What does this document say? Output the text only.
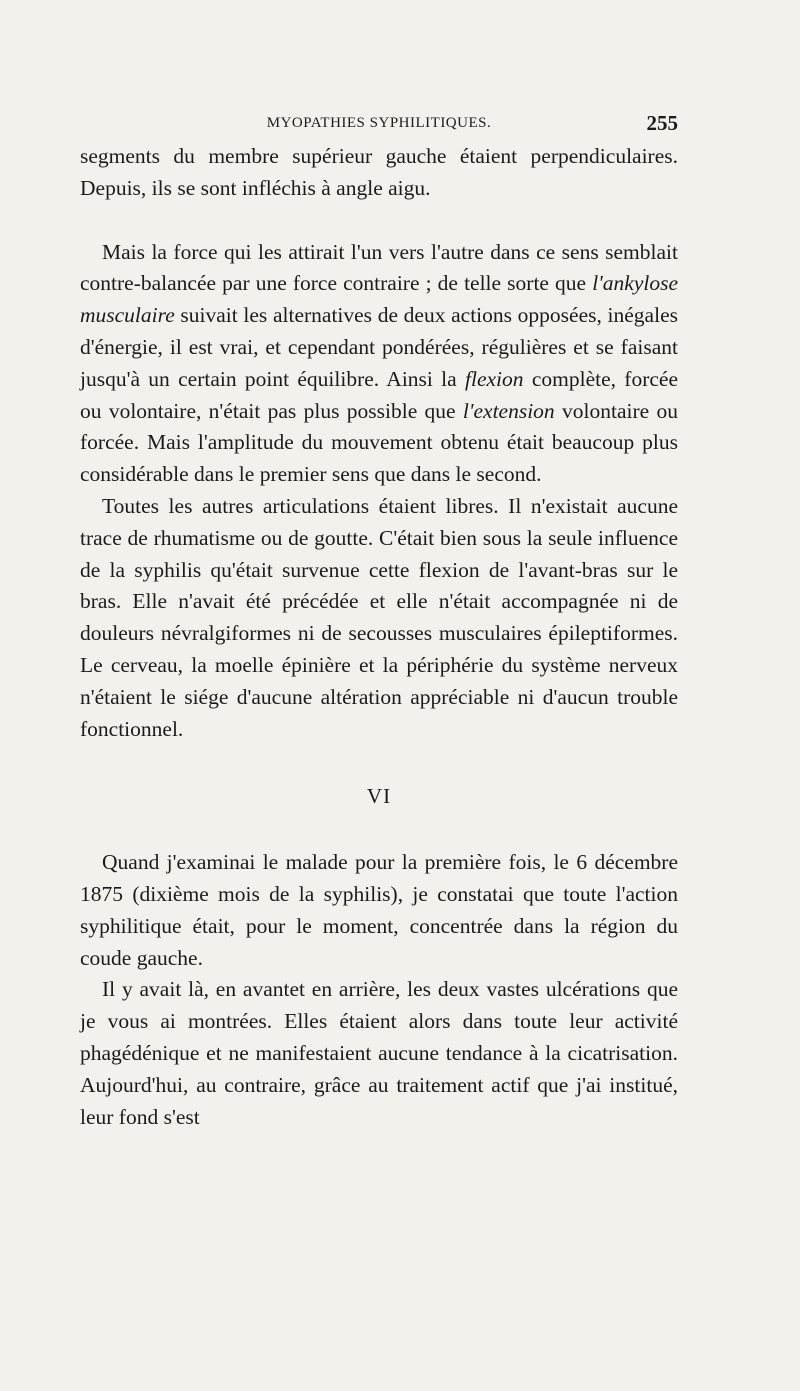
MYOPATHIES SYPHILITIQUES.	255

segments du membre supérieur gauche étaient perpendiculaires. Depuis, ils se sont infléchis à angle aigu.

Mais la force qui les attirait l'un vers l'autre dans ce sens semblait contre-balancée par une force contraire ; de telle sorte que l'ankylose musculaire suivait les alternatives de deux actions opposées, inégales d'énergie, il est vrai, et cependant pondérées, régulières et se faisant jusqu'à un certain point équilibre. Ainsi la flexion complète, forcée ou volontaire, n'était pas plus possible que l'extension volontaire ou forcée. Mais l'amplitude du mouvement obtenu était beaucoup plus considérable dans le premier sens que dans le second.

Toutes les autres articulations étaient libres. Il n'existait aucune trace de rhumatisme ou de goutte. C'était bien sous la seule influence de la syphilis qu'était survenue cette flexion de l'avant-bras sur le bras. Elle n'avait été précédée et elle n'était accompagnée ni de douleurs névralgiformes ni de secousses musculaires épileptiformes. Le cerveau, la moelle épinière et la périphérie du système nerveux n'étaient le siége d'aucune altération appréciable ni d'aucun trouble fonctionnel.

VI

Quand j'examinai le malade pour la première fois, le 6 décembre 1875 (dixième mois de la syphilis), je constatai que toute l'action syphilitique était, pour le moment, concentrée dans la région du coude gauche.

Il y avait là, en avantet en arrière, les deux vastes ulcérations que je vous ai montrées. Elles étaient alors dans toute leur activité phagédénique et ne manifestaient aucune tendance à la cicatrisation. Aujourd'hui, au contraire, grâce au traitement actif que j'ai institué, leur fond s'est
